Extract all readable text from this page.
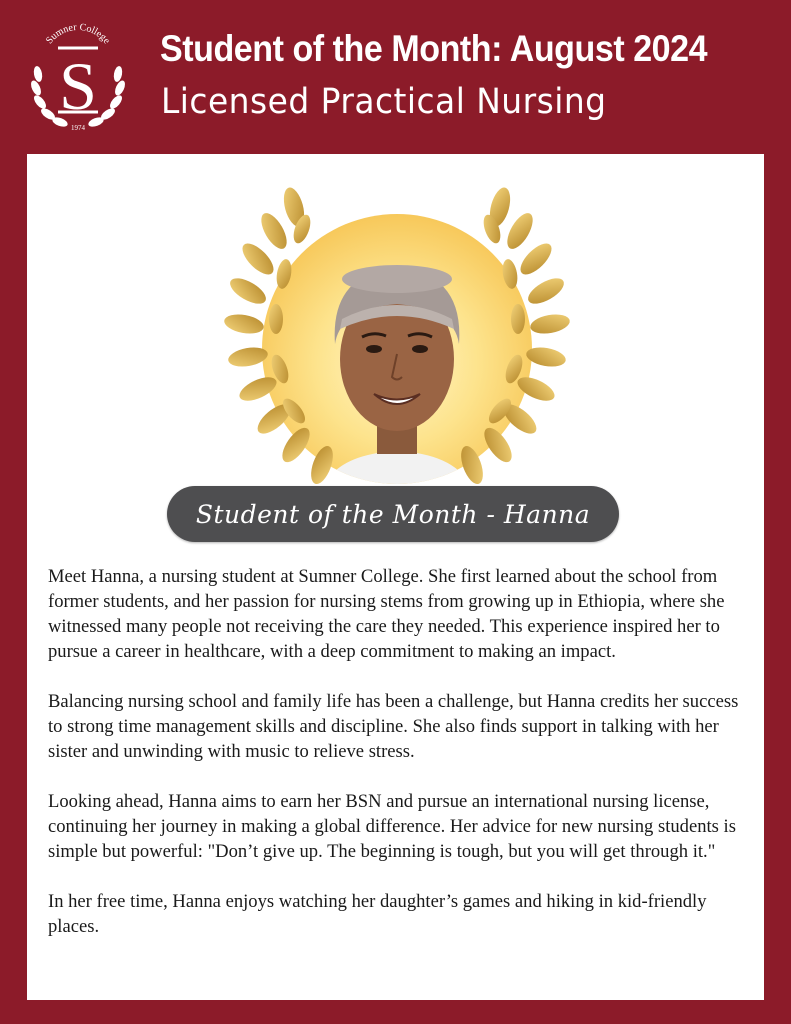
Sumner College
S
1974
Student of the Month: August 2024
Licensed Practical Nursing
Student of the Month - Hanna

Meet Hanna, a nursing student at Sumner College. She first learned about the school from former students, and her passion for nursing stems from growing up in Ethiopia, where she witnessed many people not receiving the care they needed. This experience inspired her to pursue a career in healthcare, with a deep commitment to making an impact.

Balancing nursing school and family life has been a challenge, but Hanna credits her success to strong time management skills and discipline. She also finds support in talking with her sister and unwinding with music to relieve stress.

Looking ahead, Hanna aims to earn her BSN and pursue an international nursing license, continuing her journey in making a global difference. Her advice for new nursing students is simple but powerful: "Don’t give up. The beginning is tough, but you will get through it."

In her free time, Hanna enjoys watching her daughter’s games and hiking in kid-friendly places.
